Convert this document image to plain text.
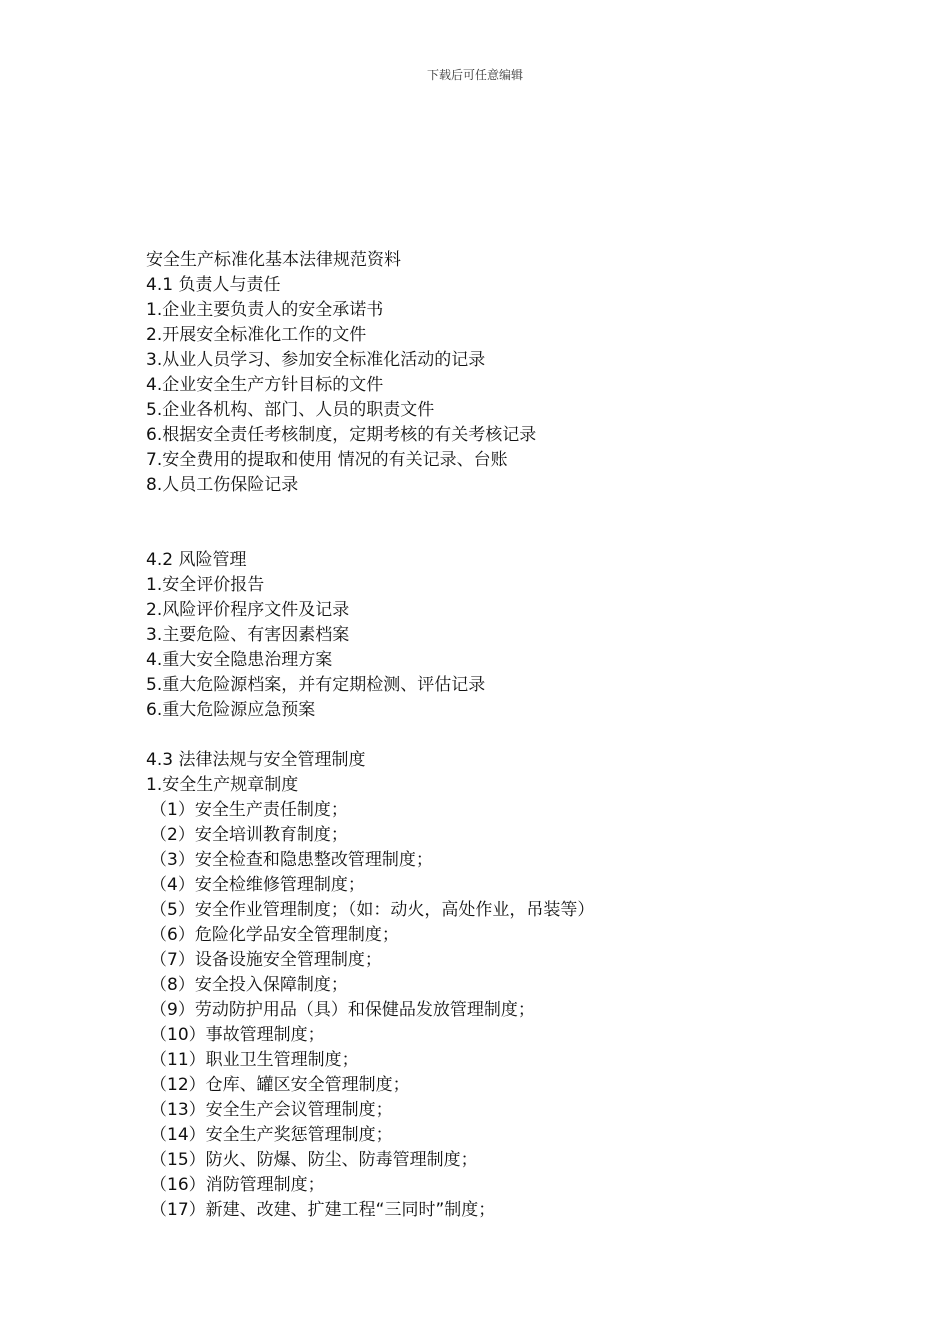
下载后可任意编辑
安全生产标准化基本法律规范资料
4.1 负责人与责任
1.企业主要负责人的安全承诺书
2.开展安全标准化工作的文件
3.从业人员学习、参加安全标准化活动的记录
4.企业安全生产方针目标的文件
5.企业各机构、部门、人员的职责文件
6.根据安全责任考核制度，定期考核的有关考核记录
7.安全费用的提取和使用 情况的有关记录、台账
8.人员工伤保险记录
4.2 风险管理
1.安全评价报告
2.风险评价程序文件及记录
3.主要危险、有害因素档案
4.重大安全隐患治理方案
5.重大危险源档案，并有定期检测、评估记录
6.重大危险源应急预案
4.3 法律法规与安全管理制度
1.安全生产规章制度
（1）安全生产责任制度；
（2）安全培训教育制度；
（3）安全检查和隐患整改管理制度；
（4）安全检维修管理制度；
（5）安全作业管理制度；（如：动火，高处作业，吊装等）
（6）危险化学品安全管理制度；
（7）设备设施安全管理制度；
（8）安全投入保障制度；
（9）劳动防护用品（具）和保健品发放管理制度；
（10）事故管理制度；
（11）职业卫生管理制度；
（12）仓库、罐区安全管理制度；
（13）安全生产会议管理制度；
（14）安全生产奖惩管理制度；
（15）防火、防爆、防尘、防毒管理制度；
（16）消防管理制度；
（17）新建、改建、扩建工程“三同时”制度；
